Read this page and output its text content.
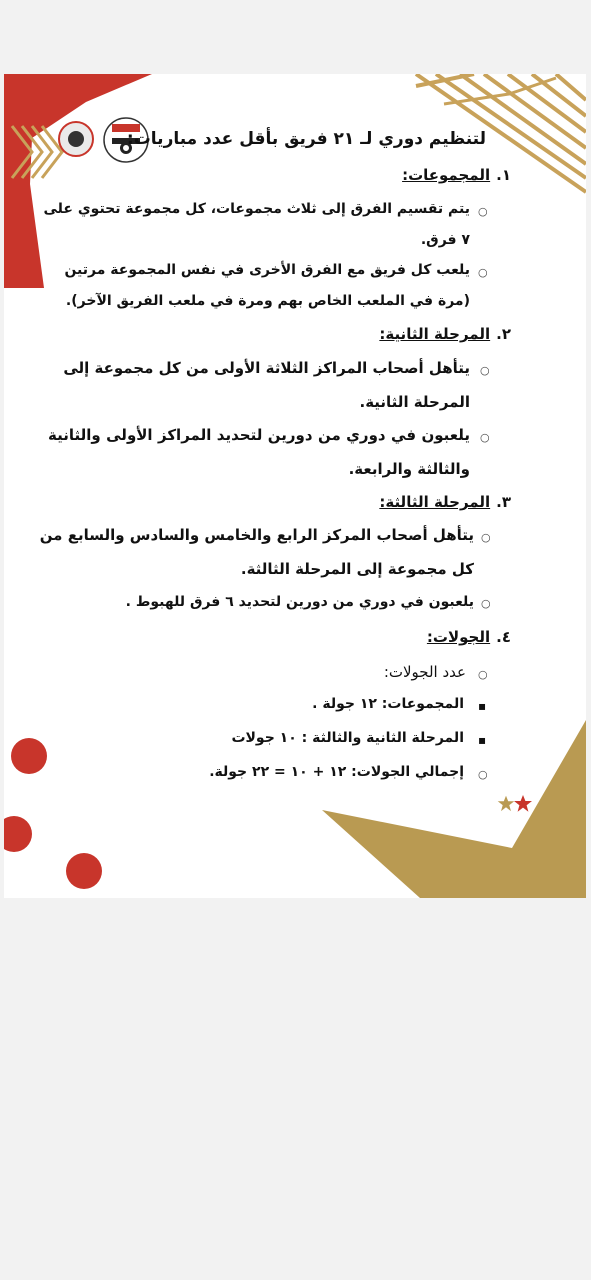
لتنظيم دوري لـ ٢١ فريق بأقل عدد مباريات:
١.المجموعات:
○
يتم تقسيم الفرق إلى ثلاث مجموعات، كل مجموعة تحتوي على
٧ فرق.
○
يلعب كل فريق مع الفرق الأخرى في نفس المجموعة مرتين
(مرة في الملعب الخاص بهم ومرة في ملعب الفريق الآخر).
٢.المرحلة الثانية:
○
يتأهل أصحاب المراكز الثلاثة الأولى من كل مجموعة إلى
المرحلة الثانية.
○
يلعبون في دوري من دورين لتحديد المراكز الأولى والثانية
والثالثة والرابعة.
٣.المرحلة الثالثة:
○
يتأهل أصحاب المركز الرابع والخامس والسادس والسابع من
كل مجموعة إلى المرحلة الثالثة.
○
يلعبون في دوري من دورين لتحديد ٦ فرق للهبوط .
٤.الجولات:
○
عدد الجولات:
▪
المجموعات: ١٢ جولة .
▪
المرحلة الثانية والثالثة : ١٠ جولات
○
إجمالي الجولات: ١٢ + ١٠ = ٢٢ جولة.
